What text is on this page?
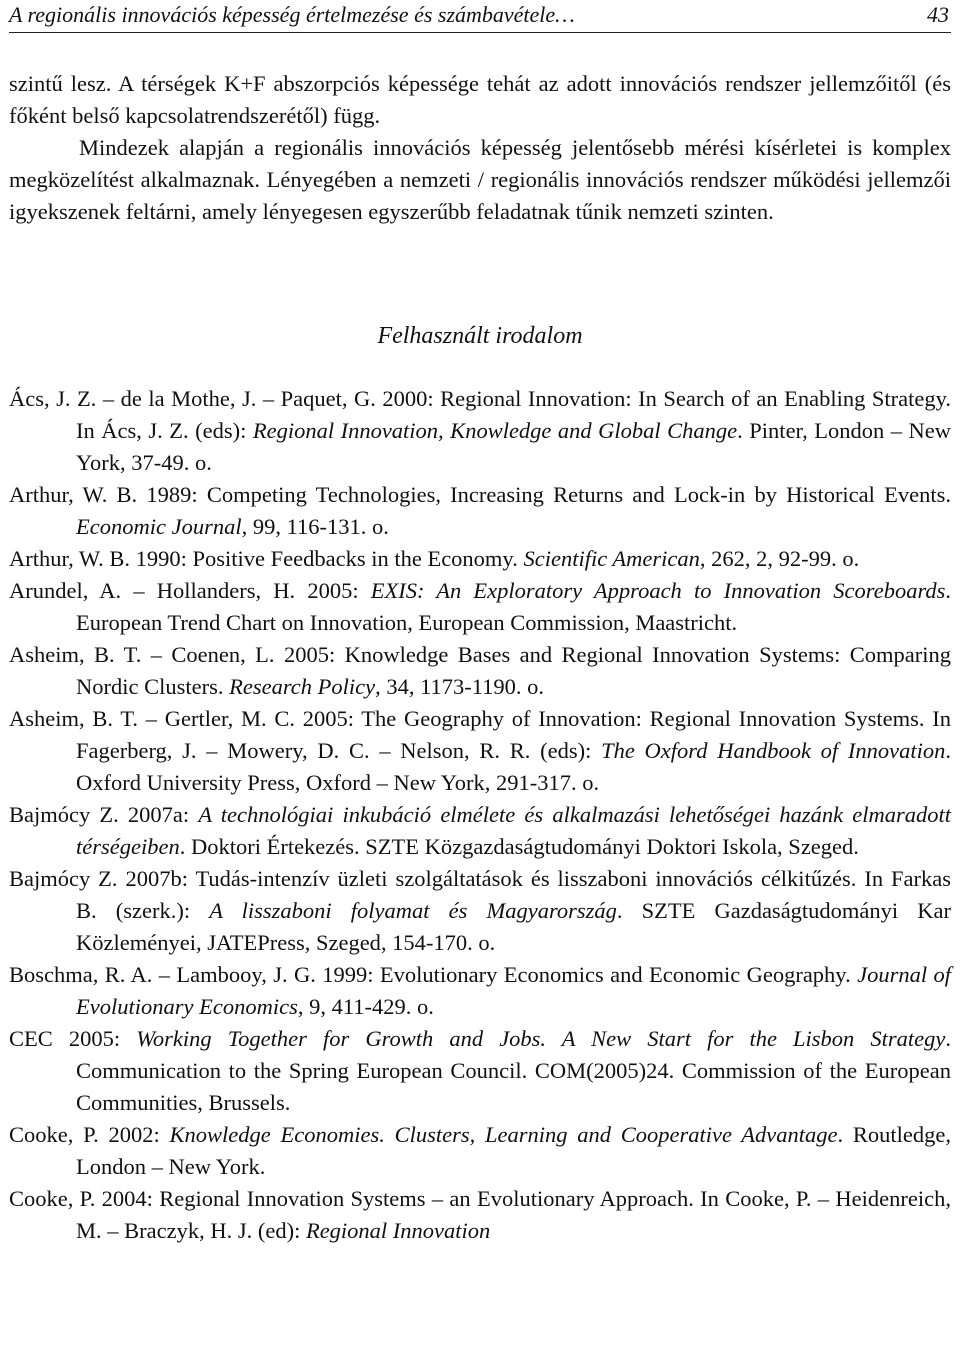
A regionális innovációs képesség értelmezése és számbavétele…	43

szintű lesz. A térségek K+F abszorpciós képessége tehát az adott innovációs rendszer jellemzőitől (és főként belső kapcsolatrendszerétől) függ.

Mindezek alapján a regionális innovációs képesség jelentősebb mérési kísérletei is komplex megközelítést alkalmaznak. Lényegében a nemzeti / regionális innovációs rendszer működési jellemzői igyekszenek feltárni, amely lényegesen egyszerűbb feladatnak tűnik nemzeti szinten.

Felhasznált irodalom

Ács, J. Z. – de la Mothe, J. – Paquet, G. 2000: Regional Innovation: In Search of an Enabling Strategy. In Ács, J. Z. (eds): Regional Innovation, Knowledge and Global Change. Pinter, London – New York, 37-49. o.

Arthur, W. B. 1989: Competing Technologies, Increasing Returns and Lock-in by Historical Events. Economic Journal, 99, 116-131. o.

Arthur, W. B. 1990: Positive Feedbacks in the Economy. Scientific American, 262, 2, 92-99. o.

Arundel, A. – Hollanders, H. 2005: EXIS: An Exploratory Approach to Innovation Scoreboards. European Trend Chart on Innovation, European Commission, Maastricht.

Asheim, B. T. – Coenen, L. 2005: Knowledge Bases and Regional Innovation Systems: Comparing Nordic Clusters. Research Policy, 34, 1173-1190. o.

Asheim, B. T. – Gertler, M. C. 2005: The Geography of Innovation: Regional Innovation Systems. In Fagerberg, J. – Mowery, D. C. – Nelson, R. R. (eds): The Oxford Handbook of Innovation. Oxford University Press, Oxford – New York, 291-317. o.

Bajmócy Z. 2007a: A technológiai inkubáció elmélete és alkalmazási lehetőségei hazánk elmaradott térségeiben. Doktori Értekezés. SZTE Közgazdaságtudományi Doktori Iskola, Szeged.

Bajmócy Z. 2007b: Tudás-intenzív üzleti szolgáltatások és lisszaboni innovációs célkitűzés. In Farkas B. (szerk.): A lisszaboni folyamat és Magyarország. SZTE Gazdaságtudományi Kar Közleményei, JATEPress, Szeged, 154-170. o.

Boschma, R. A. – Lambooy, J. G. 1999: Evolutionary Economics and Economic Geography. Journal of Evolutionary Economics, 9, 411-429. o.

CEC 2005: Working Together for Growth and Jobs. A New Start for the Lisbon Strategy. Communication to the Spring European Council. COM(2005)24. Commission of the European Communities, Brussels.

Cooke, P. 2002: Knowledge Economies. Clusters, Learning and Cooperative Advantage. Routledge, London – New York.

Cooke, P. 2004: Regional Innovation Systems – an Evolutionary Approach. In Cooke, P. – Heidenreich, M. – Braczyk, H. J. (ed): Regional Innovation
